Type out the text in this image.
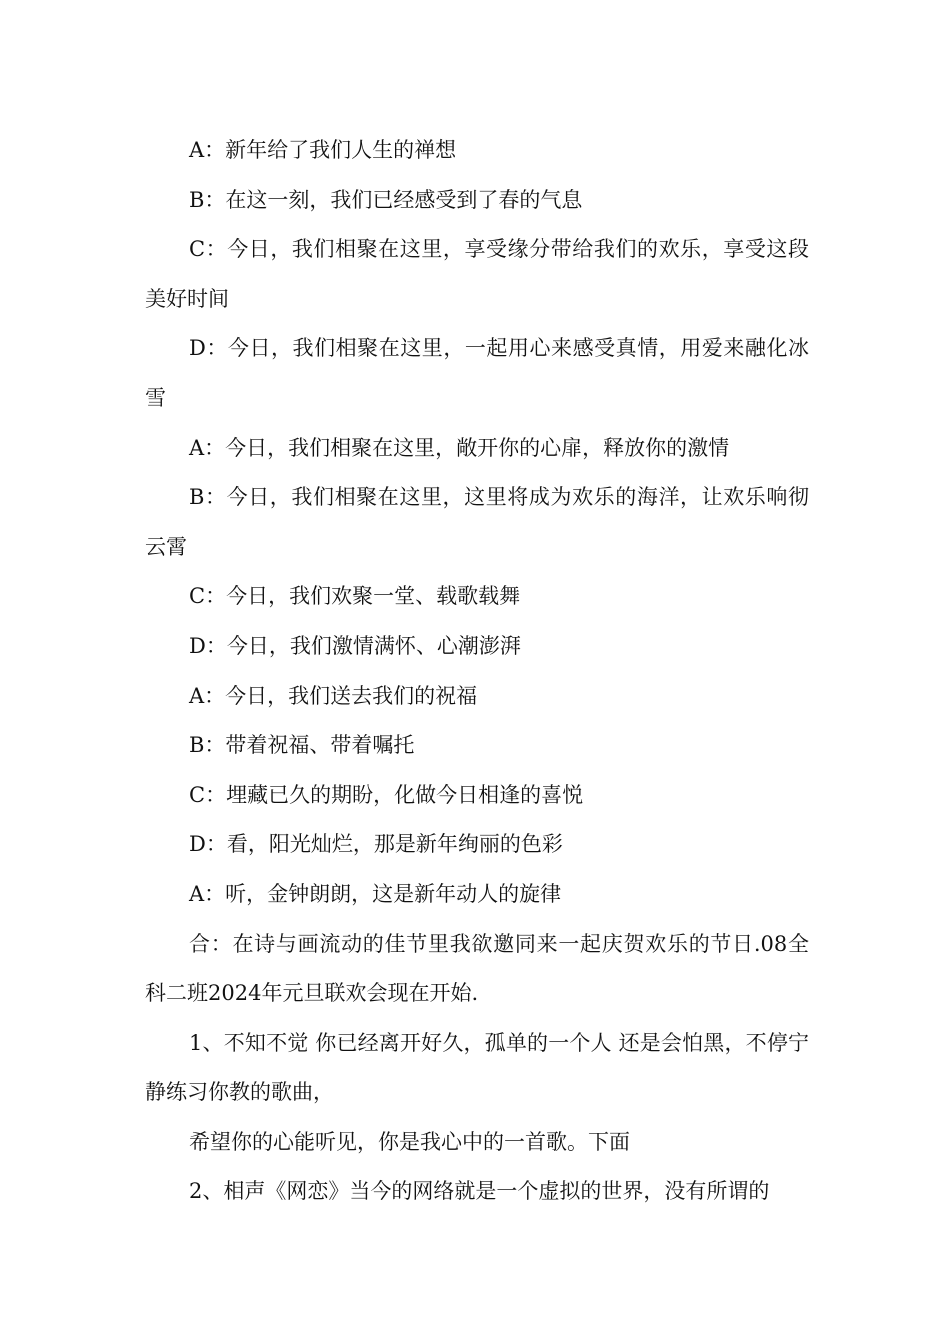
A：新年给了我们人生的禅想

B：在这一刻，我们已经感受到了春的气息

C：今日，我们相聚在这里，享受缘分带给我们的欢乐，享受这段美好时间

D：今日，我们相聚在这里，一起用心来感受真情，用爱来融化冰雪

A：今日，我们相聚在这里，敞开你的心扉，释放你的激情

B：今日，我们相聚在这里，这里将成为欢乐的海洋，让欢乐响彻云霄

C：今日，我们欢聚一堂、载歌载舞

D：今日，我们激情满怀、心潮澎湃

A：今日，我们送去我们的祝福

B：带着祝福、带着嘱托

C：埋藏已久的期盼，化做今日相逢的喜悦

D：看，阳光灿烂，那是新年绚丽的色彩

A：听，金钟朗朗，这是新年动人的旋律

合：在诗与画流动的佳节里我欲邀同来一起庆贺欢乐的节日.08全科二班2024年元旦联欢会现在开始.

1、不知不觉 你已经离开好久，孤单的一个人 还是会怕黑，不停宁静练习你教的歌曲，

希望你的心能听见，你是我心中的一首歌。下面

2、相声《网恋》当今的网络就是一个虚拟的世界，没有所谓的
